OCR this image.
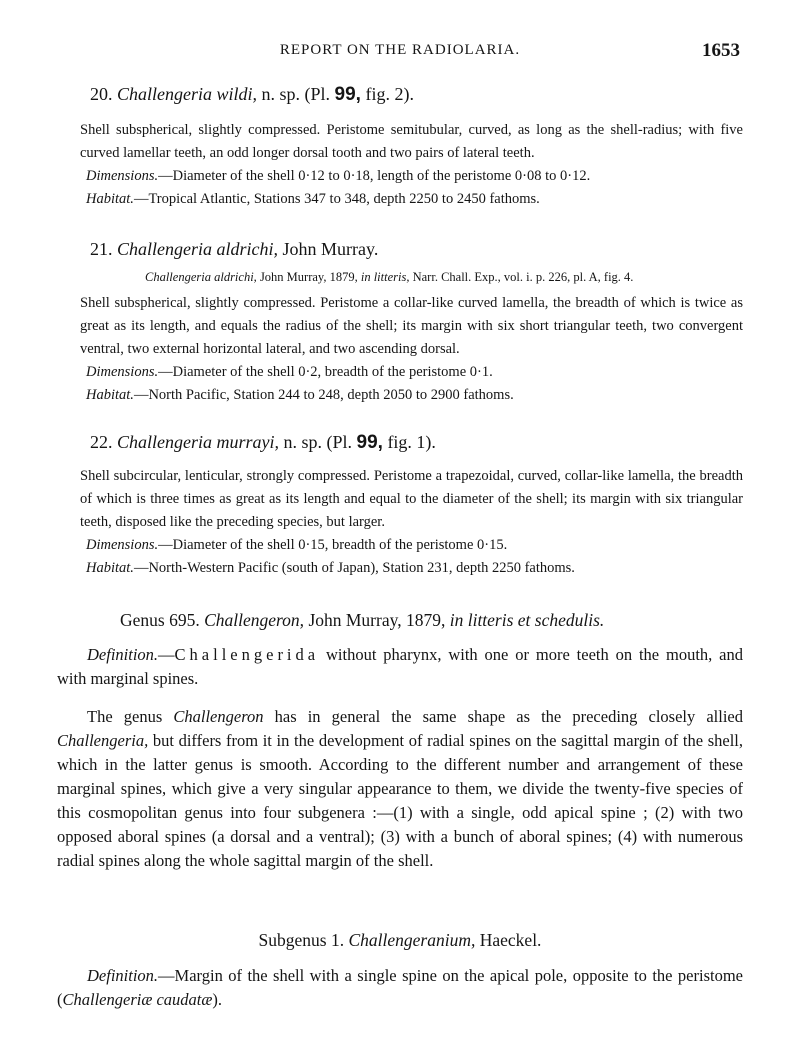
REPORT ON THE RADIOLARIA.	1653
20. Challengeria wildi, n. sp. (Pl. 99, fig. 2).

Shell subspherical, slightly compressed. Peristome semitubular, curved, as long as the shell-radius; with five curved lamellar teeth, an odd longer dorsal tooth and two pairs of lateral teeth.

Dimensions.—Diameter of the shell 0·12 to 0·18, length of the peristome 0·08 to 0·12.

Habitat.—Tropical Atlantic, Stations 347 to 348, depth 2250 to 2450 fathoms.

21. Challengeria aldrichi, John Murray.
Challengeria aldrichi, John Murray, 1879, in litteris, Narr. Chall. Exp., vol. i. p. 226, pl. A, fig. 4.

Shell subspherical, slightly compressed. Peristome a collar-like curved lamella, the breadth of which is twice as great as its length, and equals the radius of the shell; its margin with six short triangular teeth, two convergent ventral, two external horizontal lateral, and two ascending dorsal.

Dimensions.—Diameter of the shell 0·2, breadth of the peristome 0·1.

Habitat.—North Pacific, Station 244 to 248, depth 2050 to 2900 fathoms.

22. Challengeria murrayi, n. sp. (Pl. 99, fig. 1).

Shell subcircular, lenticular, strongly compressed. Peristome a trapezoidal, curved, collar-like lamella, the breadth of which is three times as great as its length and equal to the diameter of the shell; its margin with six triangular teeth, disposed like the preceding species, but larger.

Dimensions.—Diameter of the shell 0·15, breadth of the peristome 0·15.

Habitat.—North-Western Pacific (south of Japan), Station 231, depth 2250 fathoms.

Genus 695. Challengeron, John Murray, 1879, in litteris et schedulis.

Definition.—Challengerida without pharynx, with one or more teeth on the mouth, and with marginal spines.

The genus Challengeron has in general the same shape as the preceding closely allied Challengeria, but differs from it in the development of radial spines on the sagittal margin of the shell, which in the latter genus is smooth. According to the different number and arrangement of these marginal spines, which give a very singular appearance to them, we divide the twenty-five species of this cosmopolitan genus into four subgenera :—(1) with a single, odd apical spine ; (2) with two opposed aboral spines (a dorsal and a ventral); (3) with a bunch of aboral spines; (4) with numerous radial spines along the whole sagittal margin of the shell.

Subgenus 1. Challengeranium, Haeckel.

Definition.—Margin of the shell with a single spine on the apical pole, opposite to the peristome (Challengeriæ caudatæ).
